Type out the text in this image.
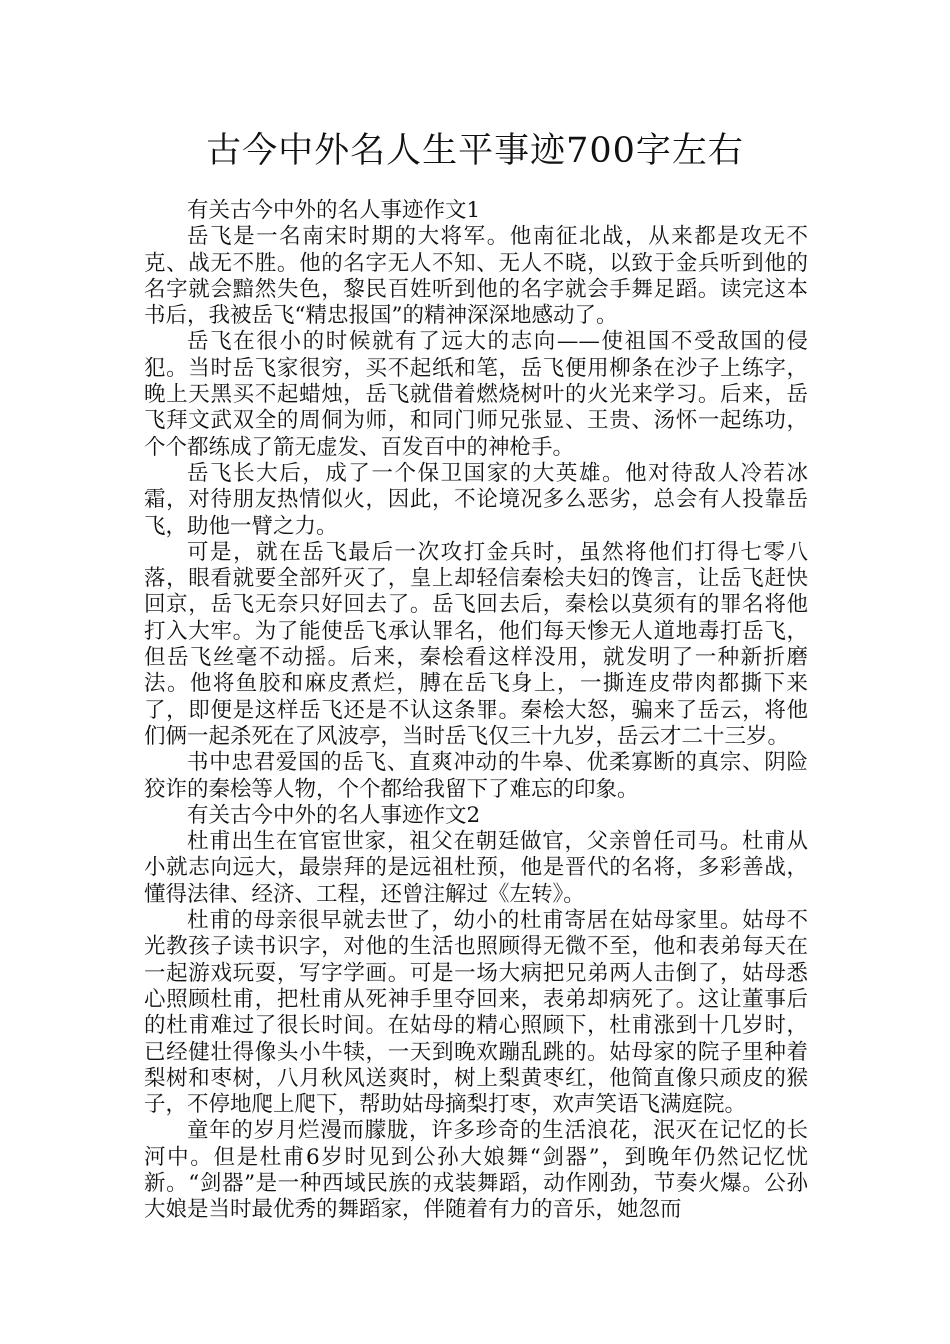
古今中外名人生平事迹700字左右

有关古今中外的名人事迹作文1

岳飞是一名南宋时期的大将军。他南征北战，从来都是攻无不克、战无不胜。他的名字无人不知、无人不晓，以致于金兵听到他的名字就会黯然失色，黎民百姓听到他的名字就会手舞足蹈。读完这本书后，我被岳飞“精忠报国”的精神深深地感动了。

岳飞在很小的时候就有了远大的志向——使祖国不受敌国的侵犯。当时岳飞家很穷，买不起纸和笔，岳飞便用柳条在沙子上练字，晚上天黑买不起蜡烛，岳飞就借着燃烧树叶的火光来学习。后来，岳飞拜文武双全的周侗为师，和同门师兄张显、王贵、汤怀一起练功，个个都练成了箭无虚发、百发百中的神枪手。

岳飞长大后，成了一个保卫国家的大英雄。他对待敌人冷若冰霜，对待朋友热情似火，因此，不论境况多么恶劣，总会有人投靠岳飞，助他一臂之力。

可是，就在岳飞最后一次攻打金兵时，虽然将他们打得七零八落，眼看就要全部歼灭了，皇上却轻信秦桧夫妇的馋言，让岳飞赶快回京，岳飞无奈只好回去了。岳飞回去后，秦桧以莫须有的罪名将他打入大牢。为了能使岳飞承认罪名，他们每天惨无人道地毒打岳飞，但岳飞丝毫不动摇。后来，秦桧看这样没用，就发明了一种新折磨法。他将鱼胶和麻皮煮烂，膊在岳飞身上，一撕连皮带肉都撕下来了，即便是这样岳飞还是不认这条罪。秦桧大怒，骗来了岳云，将他们俩一起杀死在了风波亭，当时岳飞仅三十九岁，岳云才二十三岁。

书中忠君爱国的岳飞、直爽冲动的牛皋、优柔寡断的真宗、阴险狡诈的秦桧等人物，个个都给我留下了难忘的印象。

有关古今中外的名人事迹作文2

杜甫出生在官宦世家，祖父在朝廷做官，父亲曾任司马。杜甫从小就志向远大，最崇拜的是远祖杜预，他是晋代的名将，多彩善战，懂得法律、经济、工程，还曾注解过《左转》。

杜甫的母亲很早就去世了，幼小的杜甫寄居在姑母家里。姑母不光教孩子读书识字，对他的生活也照顾得无微不至，他和表弟每天在一起游戏玩耍，写字学画。可是一场大病把兄弟两人击倒了，姑母悉心照顾杜甫，把杜甫从死神手里夺回来，表弟却病死了。这让董事后的杜甫难过了很长时间。在姑母的精心照顾下，杜甫涨到十几岁时，已经健壮得像头小牛犊，一天到晚欢蹦乱跳的。姑母家的院子里种着梨树和枣树，八月秋风送爽时，树上梨黄枣红，他简直像只顽皮的猴子，不停地爬上爬下，帮助姑母摘梨打枣，欢声笑语飞满庭院。

童年的岁月烂漫而朦胧，许多珍奇的生活浪花，泯灭在记忆的长河中。但是杜甫6岁时见到公孙大娘舞“剑器”，到晚年仍然记忆忧新。“剑器”是一种西域民族的戎装舞蹈，动作刚劲，节奏火爆。公孙大娘是当时最优秀的舞蹈家，伴随着有力的音乐，她忽而
